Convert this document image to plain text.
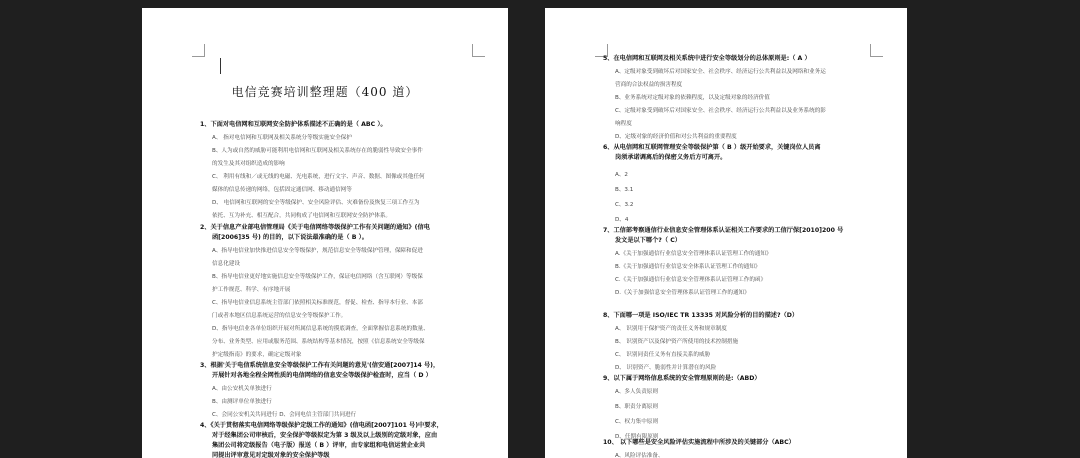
电信竞赛培训整理题（400 道）
1、下面对电信网和互联网安全防护体系描述不正确的是（ ABC ）。
A、 指对电信网和互联网及相关系统分等级实施安全保护
B、人为或自然的威胁可能利用电信网和互联网及相关系统存在的脆弱性导致安全事件
的发生及其对组织造成的影响
C、 利用有线和／或无线的电磁、光电系统，进行文字、声音、数据、图像或其他任何
媒体的信息传递的网络，包括固定通信网、移动通信网等
D、 电信网和互联网的安全等级保护、安全风险评估、灾难备份及恢复三项工作互为
依托、互为补充、相互配合，共同构成了电信网和互联网安全防护体系。
2、关于信息产业部电信管理局《关于电信网络等级保护工作有关问题的通知》(信电
函[2006]35 号) 的目的，以下说法最准确的是（ B ）。
A、指导电信业加快推进信息安全等级保护，规范信息安全等级保护管理，保障和促进
信息化建设
B、指导电信业更好地实施信息安全等级保护工作，保证电信网络（含互联网）等级保
护工作规范、科学、有序地开展
C、指导电信业信息系统主管部门依照相关标准规范，督促、检查、指导本行业、本部
门或者本地区信息系统运营的信息安全等级保护工作。
D、指导电信业各单位组织开展对所属信息系统的摸底调查，全面掌握信息系统的数量、
分布、业务类型、应用或服务范围、系统结构等基本情况，按照《信息系统安全等级保
护定级指南》的要求，确定定级对象
3、根据'关于电信系统信息安全等级保护工作有关问题的意见'(信安通[2007]14 号)，
开展针对各地全程全网性质的电信网络的信息安全等级保护检查时，应当（ D ）
A、由公安机关单独进行
B、由测评单位单独进行
C、会同公安机关共同进行 D、会同电信主管部门共同进行
4、《关于贯彻落实电信网络等级保护定级工作的通知》(信电函[2007]101 号)中要求，
对于经集团公司审核后，安全保护等级拟定为第 3 级及以上级别的定级对象，应由
集团公司将定级报告（电子版）报送（ B ）评审，由专家组和电信运营企业共
同提出评审意见对定级对象的安全保护等级
5、在电信网和互联网及相关系统中进行安全等级划分的总体原则是:（ A ）
A、定级对象受到破坏后对国家安全、社会秩序、经济运行公共利益以及网络和业务运
营商的合法权益的损害程度
B、业务系统对定级对象的依赖程度，以及定级对象的经济价值
C、定级对象受到破坏后对国家安全、社会秩序、经济运行公共利益以及业务系统的影
响程度
D、定级对象的经济价值和对公共利益的重要程度
6、从电信网和互联网管理安全等级保护第（ B ）级开始要求，关键岗位人员离
岗须承诺调离后的保密义务后方可离开。
A、2
B、3.1
C、3.2
D、4
7、工信部考察通信行业信息安全管理体系认证相关工作要求的工信厅保[2010]200 号
发文是以下哪个?（ C）
A.《关于加强通信行业信息安全管理体系认证管理工作的通知》
B.《关于加强通信行业信息安全体系认证管理工作的通知》
C.《关于加强通信行业信息安全管理体系认证管理工作的函》
D.《关于加强信息安全管理体系认证管理工作的通知》
8、下面哪一项是 ISO/IEC TR 13335 对风险分析的目的描述?（D）
A、 识别用于保护资产的责任义务和规章制度
B、 识别资产以及保护资产所使用的技术控制措施
C、 识别同责任义务有直接关系的威胁
D、 识别资产、脆弱性并计算潜在的风险
9、以下属于网络信息系统的安全管理原则的是:（ABD）
A、多人负责原则
B、职责分离原则
C、权力集中原则
D、任期有限原则
10、 以下哪些是安全风险评估实施流程中所涉及的关键部分（ABC）
A、风险评估准备、
